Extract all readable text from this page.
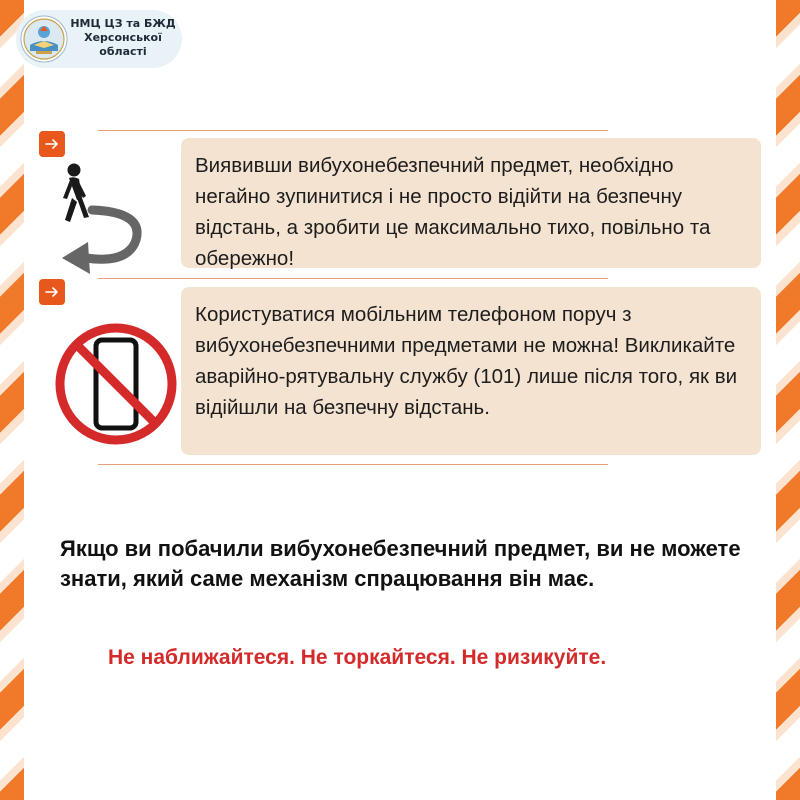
НМЦ ЦЗ та БЖД Херсонської області
Виявивши вибухонебезпечний предмет, необхідно негайно зупинитися і не просто відійти на безпечну відстань, а зробити це максимально тихо, повільно та обережно!
Користуватися мобільним телефоном поруч з вибухонебезпечними предметами не можна! Викликайте аварійно-рятувальну службу (101) лише після того, як ви відійшли на безпечну відстань.
Якщо ви побачили вибухонебезпечний предмет, ви не можете знати, який саме механізм спрацювання він має.
Не наближайтеся. Не торкайтеся. Не ризикуйте.
